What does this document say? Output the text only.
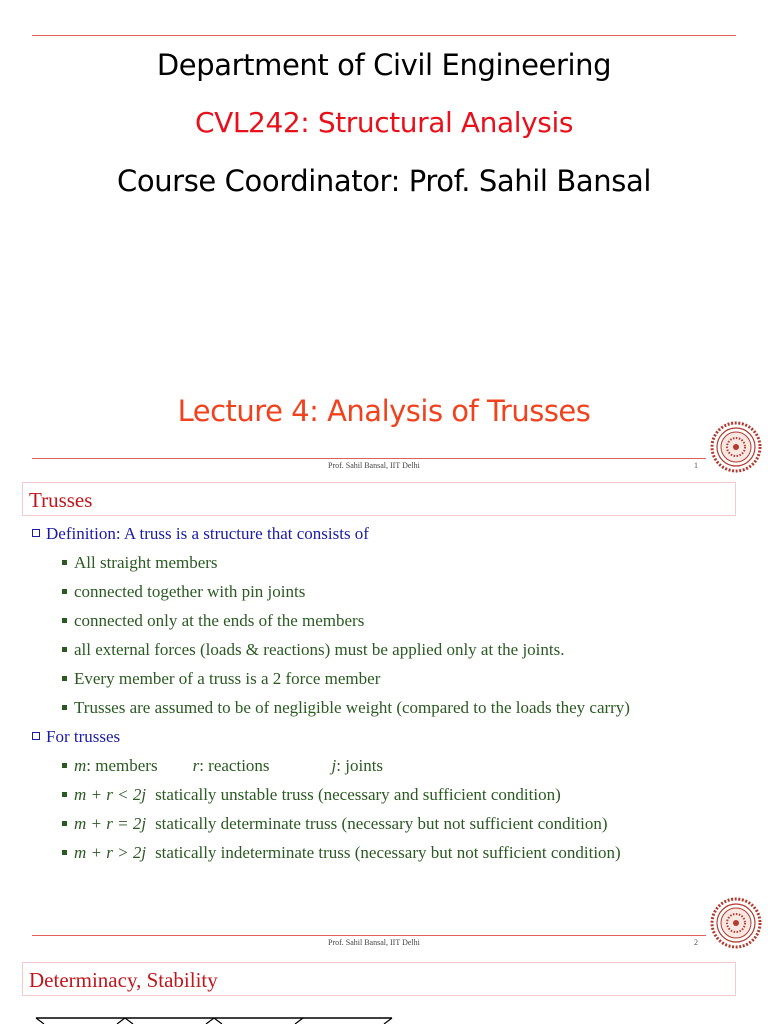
Department of Civil Engineering
CVL242: Structural Analysis
Course Coordinator: Prof. Sahil Bansal
Lecture 4: Analysis of Trusses
Prof. Sahil Bansal, IIT Delhi	1
Trusses
Definition: A truss is a structure that consists of
All straight members
connected together with pin joints
connected only at the ends of the members
all external forces (loads & reactions) must be applied only at the joints.
Every member of a truss is a 2 force member
Trusses are assumed to be of negligible weight (compared to the loads they carry)
For trusses
m: members r: reactions	j: joints
m + r < 2j statically unstable truss (necessary and sufficient condition)
m + r = 2j statically determinate truss (necessary but not sufficient condition)
m + r > 2j statically indeterminate truss (necessary but not sufficient condition)
Prof. Sahil Bansal, IIT Delhi	2
Determinacy, Stability
